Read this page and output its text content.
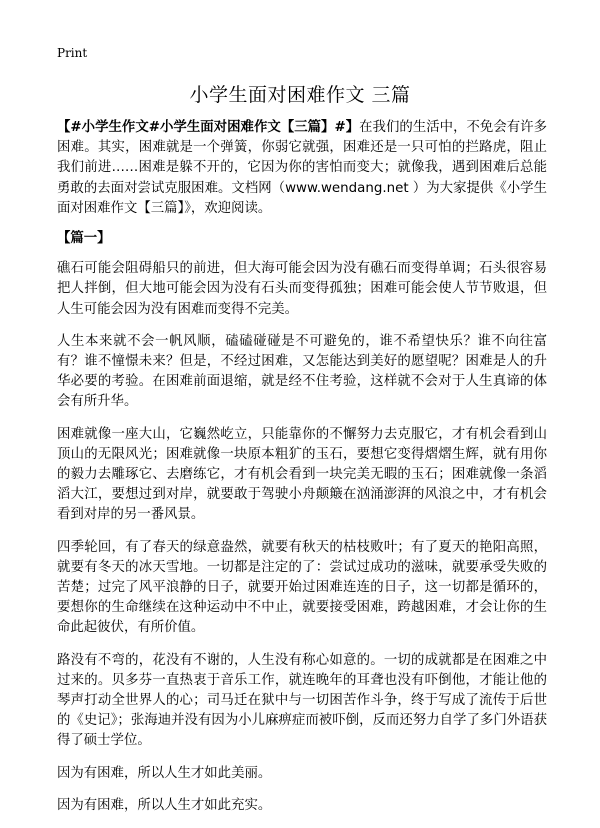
Print
小学生面对困难作文 三篇

【#小学生作文#小学生面对困难作文【三篇】#】在我们的生活中，不免会有许多困难。其实，困难就是一个弹簧，你弱它就强，困难还是一只可怕的拦路虎，阻止我们前进……困难是躲不开的，它因为你的害怕而变大；就像我，遇到困难后总能勇敢的去面对尝试克服困难。文档网（www.wendang.net ）为大家提供《小学生面对困难作文【三篇】》，欢迎阅读。

【篇一】

礁石可能会阻碍船只的前进，但大海可能会因为没有礁石而变得单调；石头很容易把人拌倒，但大地可能会因为没有石头而变得孤独；困难可能会使人节节败退，但人生可能会因为没有困难而变得不完美。

人生本来就不会一帆风顺，磕磕碰碰是不可避免的，谁不希望快乐？谁不向往富有？谁不憧憬未来？但是，不经过困难，又怎能达到美好的愿望呢？困难是人的升华必要的考验。在困难前面退缩，就是经不住考验，这样就不会对于人生真谛的体会有所升华。

困难就像一座大山，它巍然屹立，只能靠你的不懈努力去克服它，才有机会看到山顶山的无限风光；困难就像一块原本粗犷的玉石，要想它变得熠熠生辉，就有用你的毅力去雕琢它、去磨练它，才有机会看到一块完美无暇的玉石；困难就像一条滔滔大江，要想过到对岸，就要敢于驾驶小舟颠簸在汹涌澎湃的风浪之中，才有机会看到对岸的另一番风景。

四季轮回，有了春天的绿意盎然，就要有秋天的枯枝败叶；有了夏天的艳阳高照，就要有冬天的冰天雪地。一切都是注定的了：尝试过成功的滋味，就要承受失败的苦楚；过完了风平浪静的日子，就要开始过困难连连的日子，这一切都是循环的，要想你的生命继续在这种运动中不中止，就要接受困难，跨越困难，才会让你的生命此起彼伏，有所价值。

路没有不弯的，花没有不谢的，人生没有称心如意的。一切的成就都是在困难之中过来的。贝多芬一直热衷于音乐工作，就连晚年的耳聋也没有吓倒他，才能让他的琴声打动全世界人的心；司马迁在狱中与一切困苦作斗争，终于写成了流传于后世的《史记》；张海迪并没有因为小儿麻痹症而被吓倒，反而还努力自学了多门外语获得了硕士学位。

因为有困难，所以人生才如此美丽。

因为有困难，所以人生才如此充实。
